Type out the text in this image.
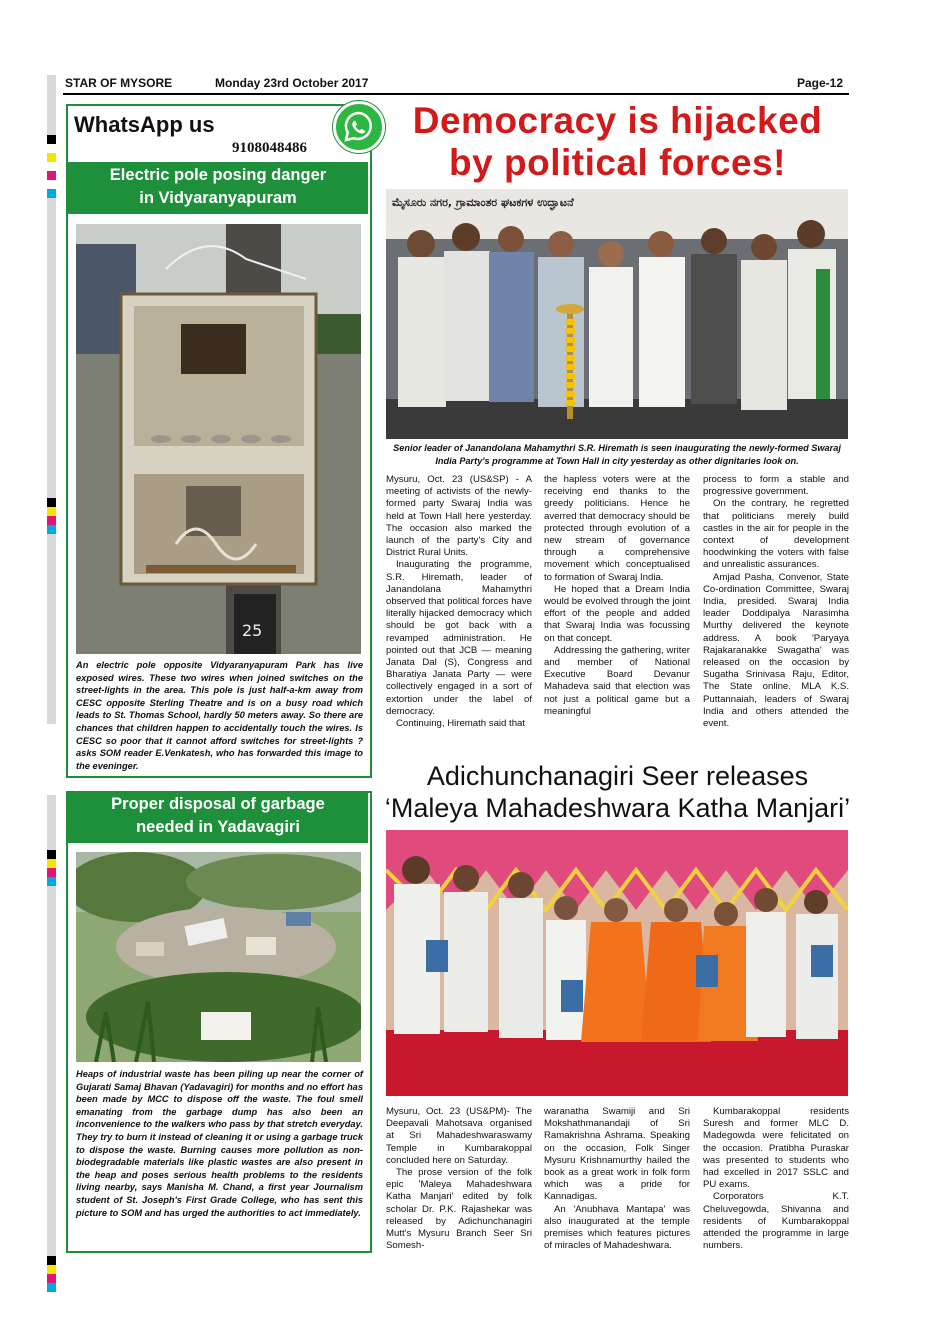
STAR OF MYSORE	Monday 23rd October 2017	Page-12
WhatsApp us
9108048486
Electric pole posing danger
in Vidyaranyapuram
25
An electric pole opposite Vidyaranyapuram Park has live exposed wires. These two wires when joined switches on the street-lights in the area. This pole is just half-a-km away from CESC opposite Sterling Theatre and is on a busy road which leads to St. Thomas School, hardly 50 meters away. So there are chances that children happen to accidentally touch the wires. Is CESC so poor that it cannot afford switches for street-lights ? asks SOM reader E.Venkatesh, who has forwarded this image to the eveninger.
Proper disposal of garbage
needed in Yadavagiri
Heaps of industrial waste has been piling up near the corner of Gujarati Samaj Bhavan (Yadavagiri) for months and no effort has been made by MCC to dispose off the waste. The foul smell emanating from the garbage dump has also been an inconvenience to the walkers who pass by that stretch everyday. They try to burn it instead of cleaning it or using a garbage truck to dispose the waste. Burning causes more pollution as non-biodegradable materials like plastic wastes are also present in the heap and poses serious health problems to the residents living nearby, says Manisha M. Chand, a first year Journalism student of St. Joseph's First Grade College, who has sent this picture to SOM and has urged the authorities to act immediately.
Democracy is hijacked
by political forces!
ಮೈಸೂರು ನಗರ, ಗ್ರಾಮಾಂತರ ಘಟಕಗಳ ಉದ್ಘಾಟನೆ
Senior leader of Janandolana Mahamythri S.R. Hiremath is seen inaugurating the newly-formed Swaraj India Party's programme at Town Hall in city yesterday as other dignitaries look on.

Mysuru, Oct. 23 (US&SP) - A meeting of activists of the newly-formed party Swaraj India was held at Town Hall here yesterday. The occasion also marked the launch of the party's City and District Rural Units.

Inaugurating the programme, S.R. Hiremath, leader of Janandolana Mahamythri observed that political forces have literally hijacked democracy which should be got back with a revamped administration. He pointed out that JCB — meaning Janata Dal (S), Congress and Bharatiya Janata Party — were collectively engaged in a sort of extortion under the label of democracy.

Continuing, Hiremath said that

the hapless voters were at the receiving end thanks to the greedy politicians. Hence he averred that democracy should be protected through evolution of a new stream of governance through a comprehensive movement which conceptualised to formation of Swaraj India.

He hoped that a Dream India would be evolved through the joint effort of the people and added that Swaraj India was focussing on that concept.

Addressing the gathering, writer and member of National Executive Board Devanur Mahadeva said that election was not just a political game but a meaningful

process to form a stable and progressive government.

On the contrary, he regretted that politicians merely build castles in the air for people in the context of development hoodwinking the voters with false and unrealistic assurances.

Amjad Pasha, Convenor, State Co-ordination Committee, Swaraj India, presided. Swaraj India leader Doddipalya Narasimha Murthy delivered the keynote address. A book 'Paryaya Rajakaranakke Swagatha' was released on the occasion by Sugatha Srinivasa Raju, Editor, The State online. MLA K.S. Puttannaiah, leaders of Swaraj India and others attended the event.

Adichunchanagiri Seer releases
‘Maleya Mahadeshwara Katha Manjari’

Mysuru, Oct. 23 (US&PM)- The Deepavali Mahotsava organised at Sri Mahadeshwaraswamy Temple in Kumbarakoppal concluded here on Saturday.

The prose version of the folk epic 'Maleya Mahadeshwara Katha Manjari' edited by folk scholar Dr. P.K. Rajashekar was released by Adichunchanagiri Mutt's Mysuru Branch Seer Sri Somesh-

waranatha Swamiji and Sri Mokshathmanandaji of Sri Ramakrishna Ashrama. Speaking on the occasion, Folk Singer Mysuru Krishnamurthy hailed the book as a great work in folk form which was a pride for Kannadigas.

An 'Anubhava Mantapa' was also inaugurated at the temple premises which features pictures of miracles of Mahadeshwara.

Kumbarakoppal residents Suresh and former MLC D. Madegowda were felicitated on the occasion. Pratibha Puraskar was presented to students who had excelled in 2017 SSLC and PU exams.

Corporators K.T. Cheluvegowda, Shivanna and residents of Kumbarakoppal attended the programme in large numbers.
